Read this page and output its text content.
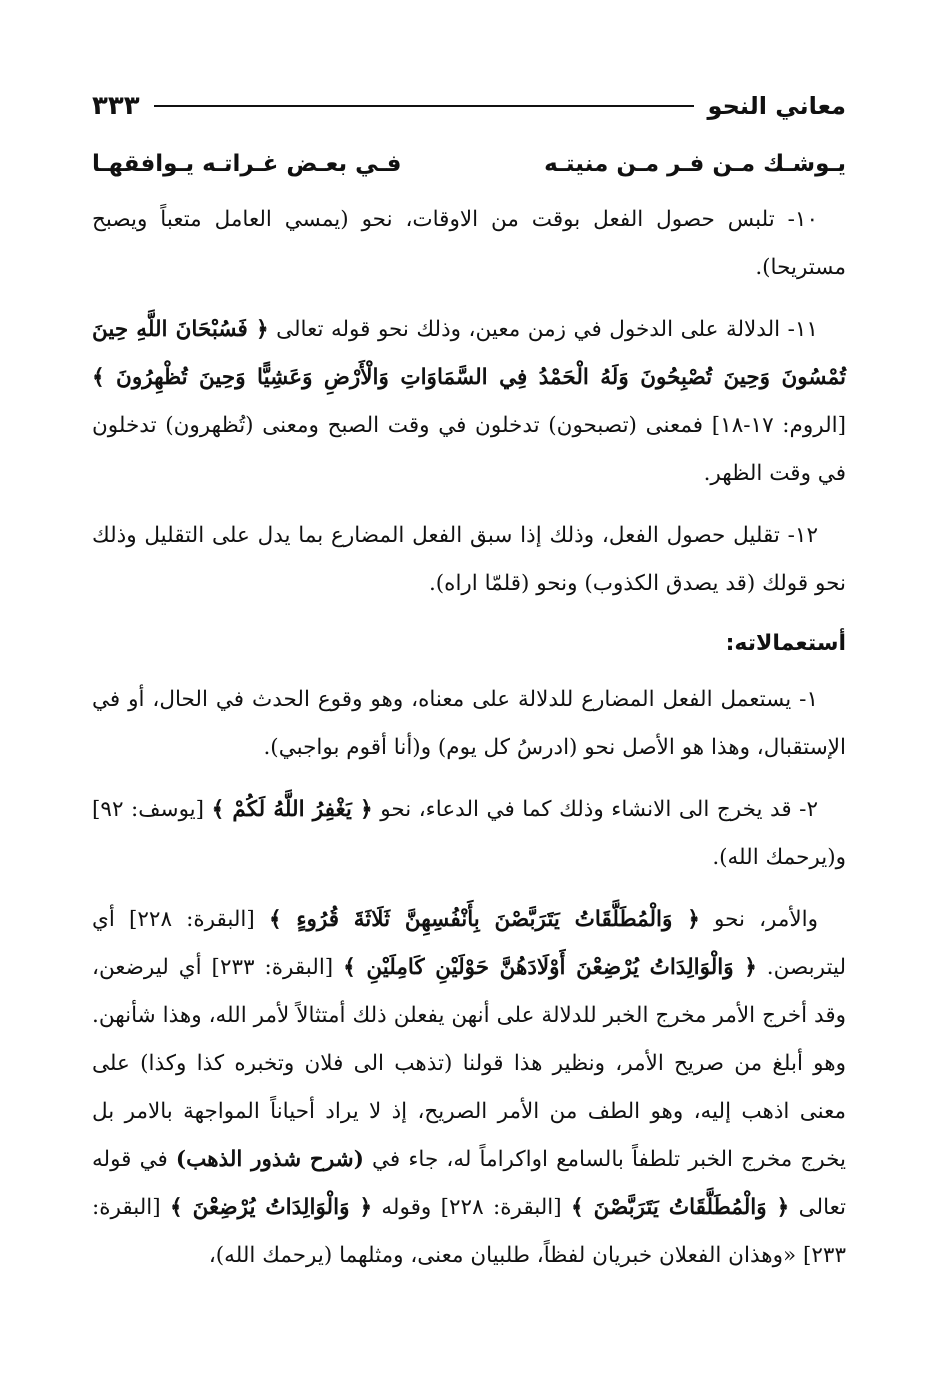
معاني النحو
٣٣٣
يـوشـك مـن فـر مـن منيتـه
فـي بعـض غـراتـه يـوافقهـا

١٠- تلبس حصول الفعل بوقت من الاوقات، نحو (يمسي العامل متعباً ويصبح مستريحا).

١١- الدلالة على الدخول في زمن معين، وذلك نحو قوله تعالى ﴿ فَسُبْحَانَ اللَّهِ حِينَ تُمْسُونَ وَحِينَ تُصْبِحُونَ وَلَهُ الْحَمْدُ فِي السَّمَاوَاتِ وَالْأَرْضِ وَعَشِيًّا وَحِينَ تُظْهِرُونَ ﴾ [الروم: ١٧-١٨] فمعنى (تصبحون) تدخلون في وقت الصبح ومعنى (تُظهرون) تدخلون في وقت الظهر.

١٢- تقليل حصول الفعل، وذلك إذا سبق الفعل المضارع بما يدل على التقليل وذلك نحو قولك (قد يصدق الكذوب) ونحو (قلمّا اراه).

أستعمالاته:

١- يستعمل الفعل المضارع للدلالة على معناه، وهو وقوع الحدث في الحال، أو في الإستقبال، وهذا هو الأصل نحو (ادرسُ كل يوم) و(أنا أقوم بواجبي).

٢- قد يخرج الى الانشاء وذلك كما في الدعاء، نحو ﴿ يَغْفِرُ اللَّهُ لَكُمْ ﴾ [يوسف: ٩٢] و(يرحمك الله).

والأمر، نحو ﴿ وَالْمُطَلَّقَاتُ يَتَرَبَّصْنَ بِأَنْفُسِهِنَّ ثَلَاثَةَ قُرُوءٍ ﴾ [البقرة: ٢٢٨] أي ليتربصن. ﴿ وَالْوَالِدَاتُ يُرْضِعْنَ أَوْلَادَهُنَّ حَوْلَيْنِ كَامِلَيْنِ ﴾ [البقرة: ٢٣٣] أي ليرضعن، وقد أخرج الأمر مخرج الخبر للدلالة على أنهن يفعلن ذلك أمتثالاً لأمر الله، وهذا شأنهن. وهو أبلغ من صريح الأمر، ونظير هذا قولنا (تذهب الى فلان وتخبره كذا وكذا) على معنى اذهب إليه، وهو الطف من الأمر الصريح، إذ لا يراد أحياناً المواجهة بالامر بل يخرج مخرج الخبر تلطفاً بالسامع اواكراماً له، جاء في (شرح شذور الذهب) في قوله تعالى ﴿ وَالْمُطَلَّقَاتُ يَتَرَبَّصْنَ ﴾ [البقرة: ٢٢٨] وقوله ﴿ وَالْوَالِدَاتُ يُرْضِعْنَ ﴾ [البقرة: ٢٣٣] «وهذان الفعلان خبريان لفظاً، طلبيان معنى، ومثلهما (يرحمك الله)،
